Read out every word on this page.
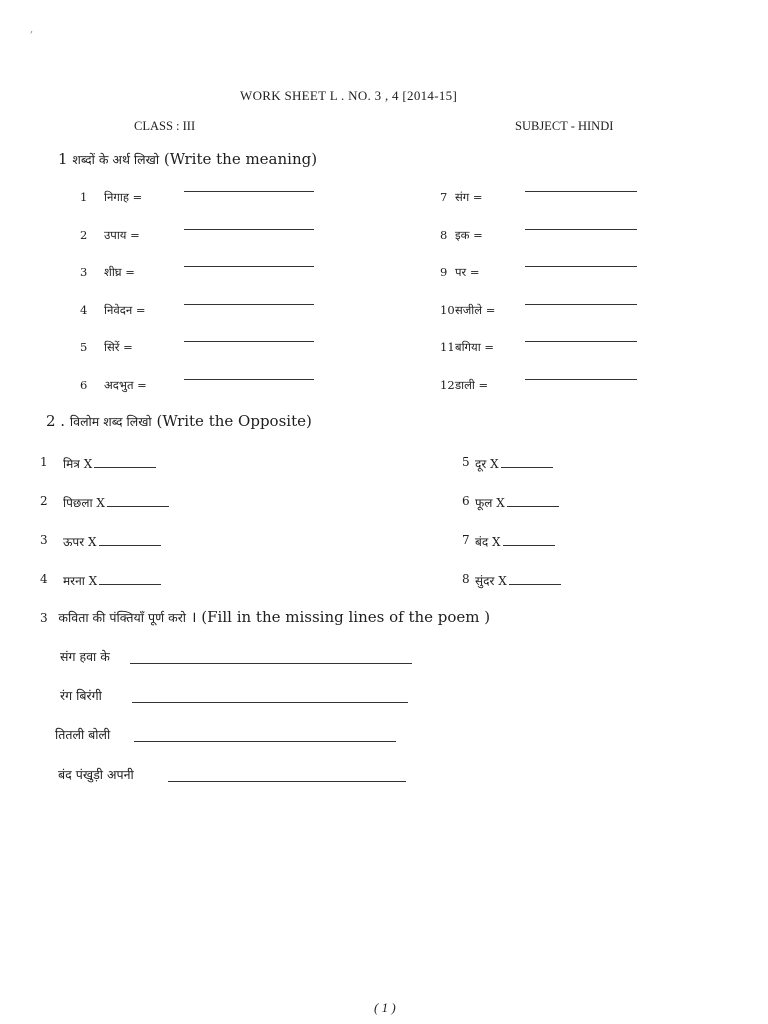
,
WORK SHEET L . NO. 3 , 4 [2014-15]
CLASS : III	SUBJECT - HINDI
1 शब्दों के अर्थ लिखो (Write the meaning)
1 निगाह =
2 उपाय =
3 शीघ्र =
4 निवेदन =
5 सिरें =
6 अदभुत =
7 संग =
8 इक =
9 पर =
10 सजीले =
11 बगिया =
12 डाली =
2 . विलोम शब्द लिखो (Write the Opposite)
1 मित्र X
2 पिछला X
3 ऊपर X
4 मरना X
5 दूर X
6 फूल X
7 बंद X
8 सुंदर X
3 कविता की पंक्तियाँ पूर्ण करो । (Fill in the missing lines of the poem )
संग हवा के
रंग बिरंगी
तितली बोली
बंद पंखुड़ी अपनी
( 1 )
